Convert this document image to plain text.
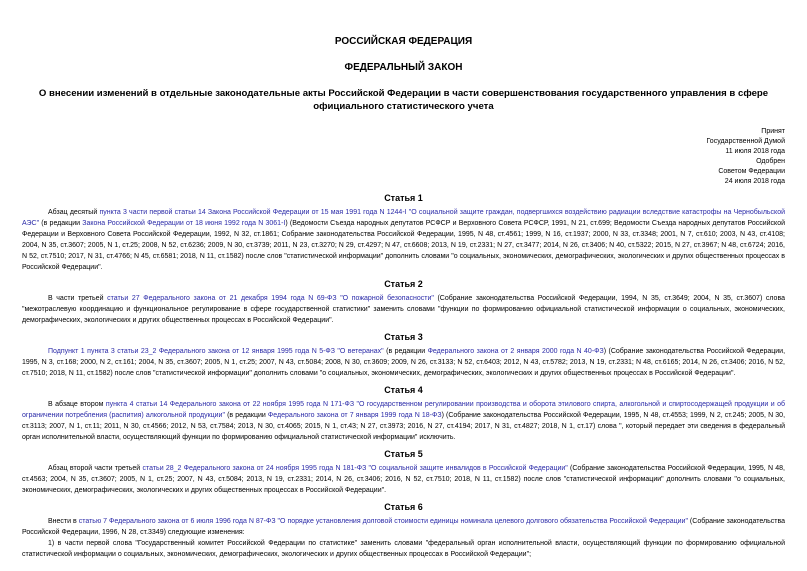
РОССИЙСКАЯ ФЕДЕРАЦИЯ
ФЕДЕРАЛЬНЫЙ ЗАКОН
О внесении изменений в отдельные законодательные акты Российской Федерации в части совершенствования государственного управления в сфере официального статистического учета
Принят
Государственной Думой
11 июля 2018 года
Одобрен
Советом Федерации
24 июля 2018 года
Статья 1

Абзац десятый пункта 3 части первой статьи 14 Закона Российской Федерации от 15 мая 1991 года N 1244-I "О социальной защите граждан, подвергшихся воздействию радиации вследствие катастрофы на Чернобыльской АЭС" (в редакции Закона Российской Федерации от 18 июня 1992 года N 3061-I) (Ведомости Съезда народных депутатов РСФСР и Верховного Совета РСФСР, 1991, N 21, ст.699; Ведомости Съезда народных депутатов Российской Федерации и Верховного Совета Российской Федерации, 1992, N 32, ст.1861; Собрание законодательства Российской Федерации, 1995, N 48, ст.4561; 1999, N 16, ст.1937; 2000, N 33, ст.3348; 2001, N 7, ст.610; 2003, N 43, ст.4108; 2004, N 35, ст.3607; 2005, N 1, ст.25; 2008, N 52, ст.6236; 2009, N 30, ст.3739; 2011, N 23, ст.3270; N 29, ст.4297; N 47, ст.6608; 2013, N 19, ст.2331; N 27, ст.3477; 2014, N 26, ст.3406; N 40, ст.5322; 2015, N 27, ст.3967; N 48, ст.6724; 2016, N 52, ст.7510; 2017, N 31, ст.4766; N 45, ст.6581; 2018, N 11, ст.1582) после слов "статистической информации" дополнить словами "о социальных, экономических, демографических, экологических и других общественных процессах в Российской Федерации".

Статья 2

В части третьей статьи 27 Федерального закона от 21 декабря 1994 года N 69-ФЗ "О пожарной безопасности" (Собрание законодательства Российской Федерации, 1994, N 35, ст.3649; 2004, N 35, ст.3607) слова "межотраслевую координацию и функциональное регулирование в сфере государственной статистики" заменить словами "функции по формированию официальной статистической информации о социальных, экономических, демографических, экологических и других общественных процессах в Российской Федерации".

Статья 3

Подпункт 1 пункта 3 статьи 23_2 Федерального закона от 12 января 1995 года N 5-ФЗ "О ветеранах" (в редакции Федерального закона от 2 января 2000 года N 40-ФЗ) (Собрание законодательства Российской Федерации, 1995, N 3, ст.168; 2000, N 2, ст.161; 2004, N 35, ст.3607; 2005, N 1, ст.25; 2007, N 43, ст.5084; 2008, N 30, ст.3609; 2009, N 26, ст.3133; N 52, ст.6403; 2012, N 43, ст.5782; 2013, N 19, ст.2331; N 48, ст.6165; 2014, N 26, ст.3406; 2016, N 52, ст.7510; 2018, N 11, ст.1582) после слов "статистической информации" дополнить словами "о социальных, экономических, демографических, экологических и других общественных процессах в Российской Федерации".

Статья 4

В абзаце втором пункта 4 статьи 14 Федерального закона от 22 ноября 1995 года N 171-ФЗ "О государственном регулировании производства и оборота этилового спирта, алкогольной и спиртосодержащей продукции и об ограничении потребления (распития) алкогольной продукции" (в редакции Федерального закона от 7 января 1999 года N 18-ФЗ) (Собрание законодательства Российской Федерации, 1995, N 48, ст.4553; 1999, N 2, ст.245; 2005, N 30, ст.3113; 2007, N 1, ст.11; 2011, N 30, ст.4566; 2012, N 53, ст.7584; 2013, N 30, ст.4065; 2015, N 1, ст.43; N 27, ст.3973; 2016, N 27, ст.4194; 2017, N 31, ст.4827; 2018, N 1, ст.17) слова ", который передает эти сведения в федеральный орган исполнительной власти, осуществляющий функции по формированию официальной статистической информации" исключить.

Статья 5

Абзац второй части третьей статьи 28_2 Федерального закона от 24 ноября 1995 года N 181-ФЗ "О социальной защите инвалидов в Российской Федерации" (Собрание законодательства Российской Федерации, 1995, N 48, ст.4563; 2004, N 35, ст.3607; 2005, N 1, ст.25; 2007, N 43, ст.5084; 2013, N 19, ст.2331; 2014, N 26, ст.3406; 2016, N 52, ст.7510; 2018, N 11, ст.1582) после слов "статистической информации" дополнить словами "о социальных, экономических, демографических, экологических и других общественных процессах в Российской Федерации".

Статья 6

Внести в статью 7 Федерального закона от 6 июля 1996 года N 87-ФЗ "О порядке установления долговой стоимости единицы номинала целевого долгового обязательства Российской Федерации" (Собрание законодательства Российской Федерации, 1996, N 28, ст.3349) следующие изменения:

1) в части первой слова "Государственный комитет Российской Федерации по статистике" заменить словами "федеральный орган исполнительной власти, осуществляющий функции по формированию официальной статистической информации о социальных, экономических, демографических, экологических и других общественных процессах в Российской Федерации";
